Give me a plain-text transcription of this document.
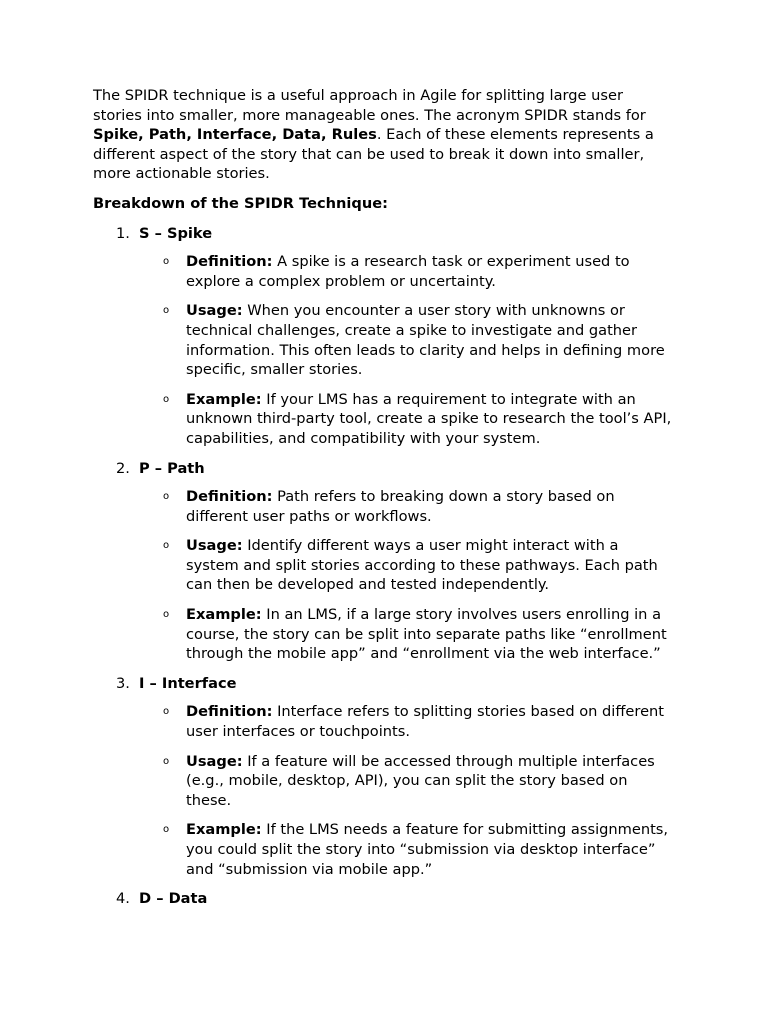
The SPIDR technique is a useful approach in Agile for splitting large user stories into smaller, more manageable ones. The acronym SPIDR stands for Spike, Path, Interface, Data, Rules. Each of these elements represents a different aspect of the story that can be used to break it down into smaller, more actionable stories.

Breakdown of the SPIDR Technique:
1. S – Spike
o Definition: A spike is a research task or experiment used to explore a complex problem or uncertainty.
o Usage: When you encounter a user story with unknowns or technical challenges, create a spike to investigate and gather information. This often leads to clarity and helps in defining more specific, smaller stories.
o Example: If your LMS has a requirement to integrate with an unknown third-party tool, create a spike to research the tool’s API, capabilities, and compatibility with your system.
2. P – Path
o Definition: Path refers to breaking down a story based on different user paths or workflows.
o Usage: Identify different ways a user might interact with a system and split stories according to these pathways. Each path can then be developed and tested independently.
o Example: In an LMS, if a large story involves users enrolling in a course, the story can be split into separate paths like “enrollment through the mobile app” and “enrollment via the web interface.”
3. I – Interface
o Definition: Interface refers to splitting stories based on different user interfaces or touchpoints.
o Usage: If a feature will be accessed through multiple interfaces (e.g., mobile, desktop, API), you can split the story based on these.
o Example: If the LMS needs a feature for submitting assignments, you could split the story into “submission via desktop interface” and “submission via mobile app.”
4. D – Data
